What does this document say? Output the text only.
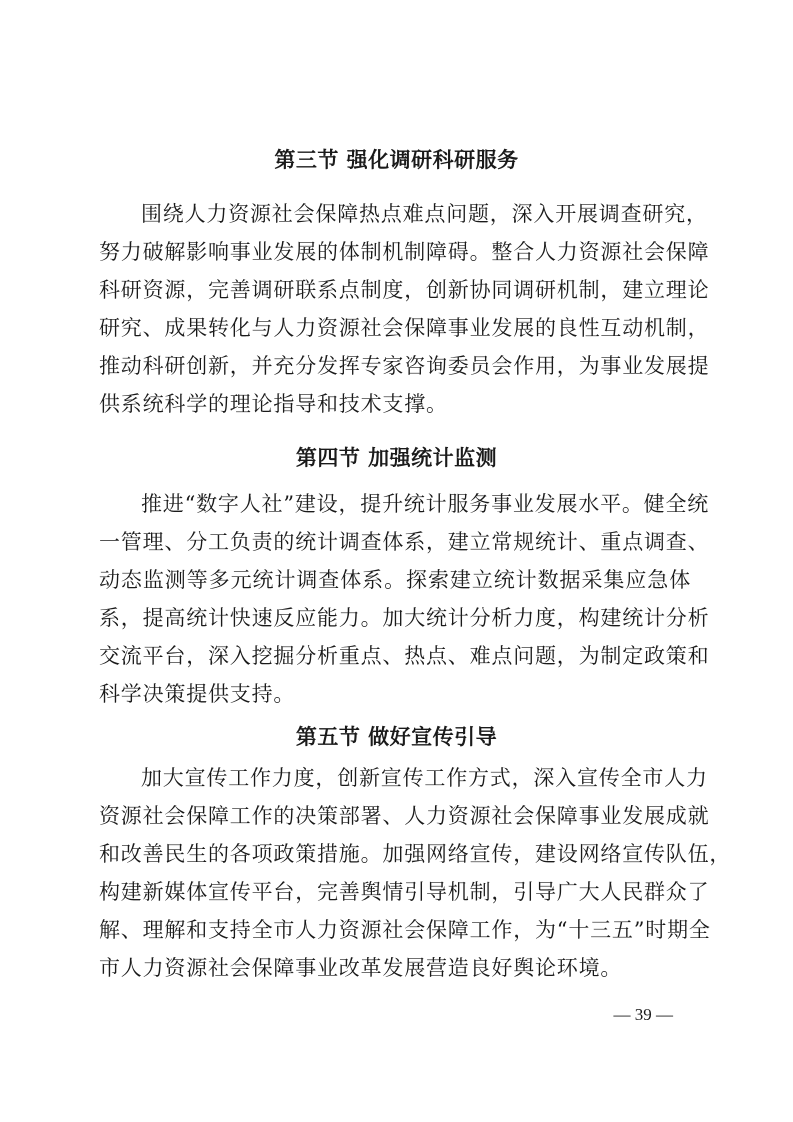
第三节 强化调研科研服务
围绕人力资源社会保障热点难点问题，深入开展调查研究，
努力破解影响事业发展的体制机制障碍。整合人力资源社会保障
科研资源，完善调研联系点制度，创新协同调研机制，建立理论
研究、成果转化与人力资源社会保障事业发展的良性互动机制，
推动科研创新，并充分发挥专家咨询委员会作用，为事业发展提
供系统科学的理论指导和技术支撑。
第四节 加强统计监测
推进“数字人社”建设，提升统计服务事业发展水平。健全统
一管理、分工负责的统计调查体系，建立常规统计、重点调查、
动态监测等多元统计调查体系。探索建立统计数据采集应急体
系，提高统计快速反应能力。加大统计分析力度，构建统计分析
交流平台，深入挖掘分析重点、热点、难点问题，为制定政策和
科学决策提供支持。
第五节 做好宣传引导
加大宣传工作力度，创新宣传工作方式，深入宣传全市人力
资源社会保障工作的决策部署、人力资源社会保障事业发展成就
和改善民生的各项政策措施。加强网络宣传，建设网络宣传队伍，
构建新媒体宣传平台，完善舆情引导机制，引导广大人民群众了
解、理解和支持全市人力资源社会保障工作，为“十三五”时期全
市人力资源社会保障事业改革发展营造良好舆论环境。
— 39 —
